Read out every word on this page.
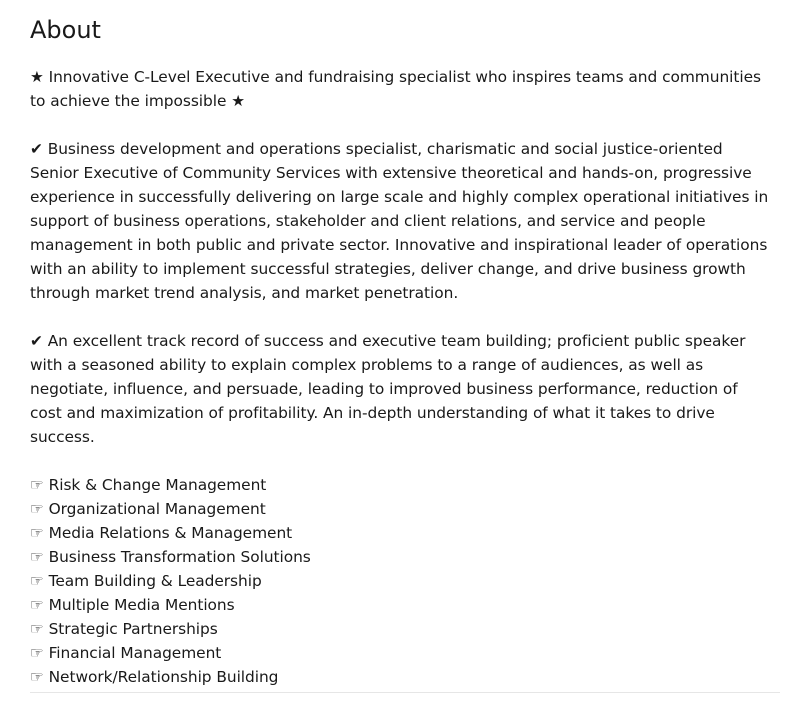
About

★ Innovative C-Level Executive and fundraising specialist who inspires teams and communities to achieve the impossible ★

✔ Business development and operations specialist, charismatic and social justice-oriented Senior Executive of Community Services with extensive theoretical and hands-on, progressive experience in successfully delivering on large scale and highly complex operational initiatives in support of business operations, stakeholder and client relations, and service and people management in both public and private sector. Innovative and inspirational leader of operations with an ability to implement successful strategies, deliver change, and drive business growth through market trend analysis, and market penetration.

✔ An excellent track record of success and executive team building; proficient public speaker with a seasoned ability to explain complex problems to a range of audiences, as well as negotiate, influence, and persuade, leading to improved business performance, reduction of cost and maximization of profitability. An in-depth understanding of what it takes to drive success.

☞ Risk & Change Management
☞ Organizational Management
☞ Media Relations & Management
☞ Business Transformation Solutions
☞ Team Building & Leadership
☞ Multiple Media Mentions
☞ Strategic Partnerships
☞ Financial Management
☞ Network/Relationship Building
